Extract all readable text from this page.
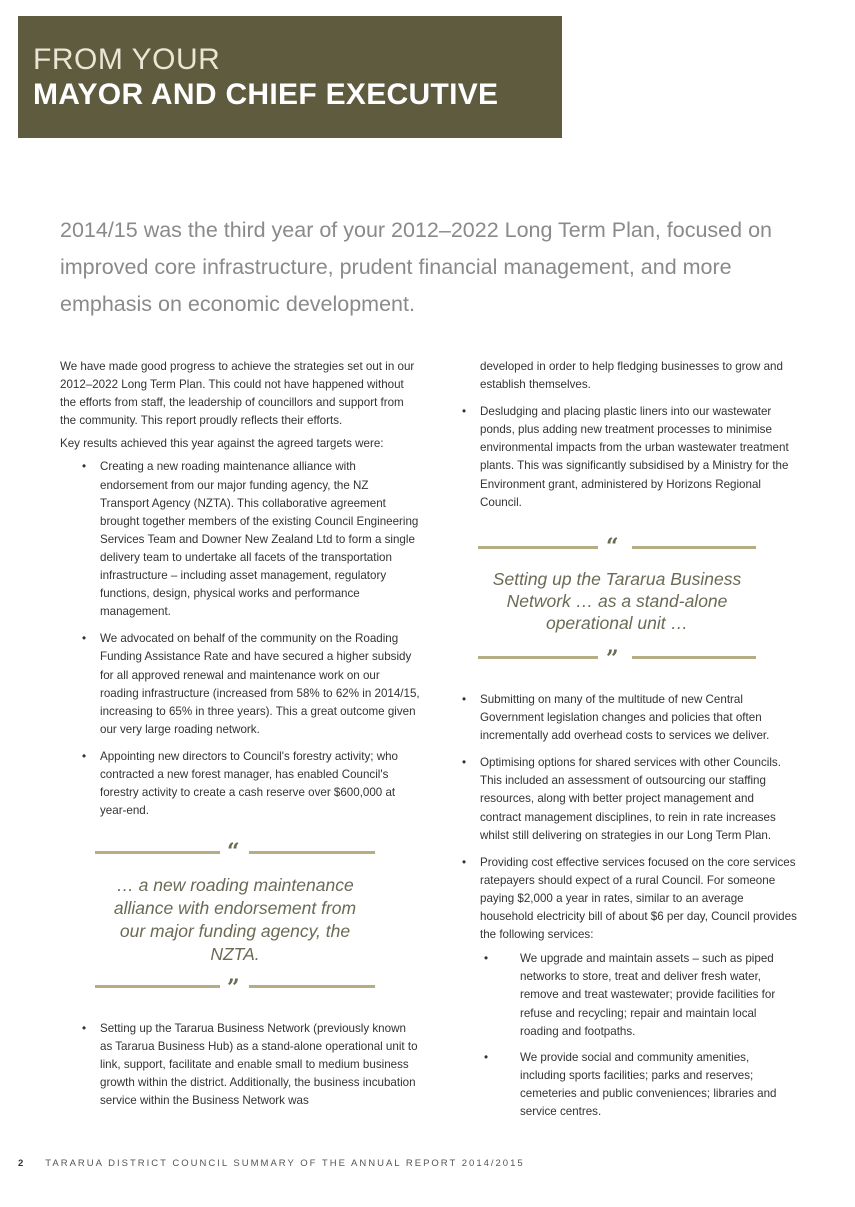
FROM YOUR
MAYOR AND CHIEF EXECUTIVE
2014/15 was the third year of your 2012–2022 Long Term Plan, focused on improved core infrastructure, prudent financial management, and more emphasis on economic development.

We have made good progress to achieve the strategies set out in our 2012–2022 Long Term Plan. This could not have happened without the efforts from staff, the leadership of councillors and support from the community. This report proudly reflects their efforts.

Key results achieved this year against the agreed targets were:

• Creating a new roading maintenance alliance with endorsement from our major funding agency, the NZ Transport Agency (NZTA). This collaborative agreement brought together members of the existing Council Engineering Services Team and Downer New Zealand Ltd to form a single delivery team to undertake all facets of the transportation infrastructure – including asset management, regulatory functions, design, physical works and performance management.
• We advocated on behalf of the community on the Roading Funding Assistance Rate and have secured a higher subsidy for all approved renewal and maintenance work on our roading infrastructure (increased from 58% to 62% in 2014/15, increasing to 65% in three years). This a great outcome given our very large roading network.
• Appointing new directors to Council's forestry activity; who contracted a new forest manager, has enabled Council's forestry activity to create a cash reserve over $600,000 at year-end.
“
… a new roading maintenance alliance with endorsement from our major funding agency, the NZTA.
”
• Setting up the Tararua Business Network (previously known as Tararua Business Hub) as a stand-alone operational unit to link, support, facilitate and enable small to medium business growth within the district. Additionally, the business incubation service within the Business Network was
developed in order to help fledging businesses to grow and establish themselves.
• Desludging and placing plastic liners into our wastewater ponds, plus adding new treatment processes to minimise environmental impacts from the urban wastewater treatment plants. This was significantly subsidised by a Ministry for the Environment grant, administered by Horizons Regional Council.
“
Setting up the Tararua Business Network … as a stand-alone operational unit …
”
• Submitting on many of the multitude of new Central Government legislation changes and policies that often incrementally add overhead costs to services we deliver.
• Optimising options for shared services with other Councils. This included an assessment of outsourcing our staffing resources, along with better project management and contract management disciplines, to rein in rate increases whilst still delivering on strategies in our Long Term Plan.
• Providing cost effective services focused on the core services ratepayers should expect of a rural Council. For someone paying $2,000 a year in rates, similar to an average household electricity bill of about $6 per day, Council provides the following services:
•	We upgrade and maintain assets – such as piped networks to store, treat and deliver fresh water, remove and treat wastewater; provide facilities for refuse and recycling; repair and maintain local roading and footpaths.
•	We provide social and community amenities, including sports facilities; parks and reserves; cemeteries and public conveniences; libraries and service centres.
2 TARARUA DISTRICT COUNCIL SUMMARY OF THE ANNUAL REPORT 2014/2015
